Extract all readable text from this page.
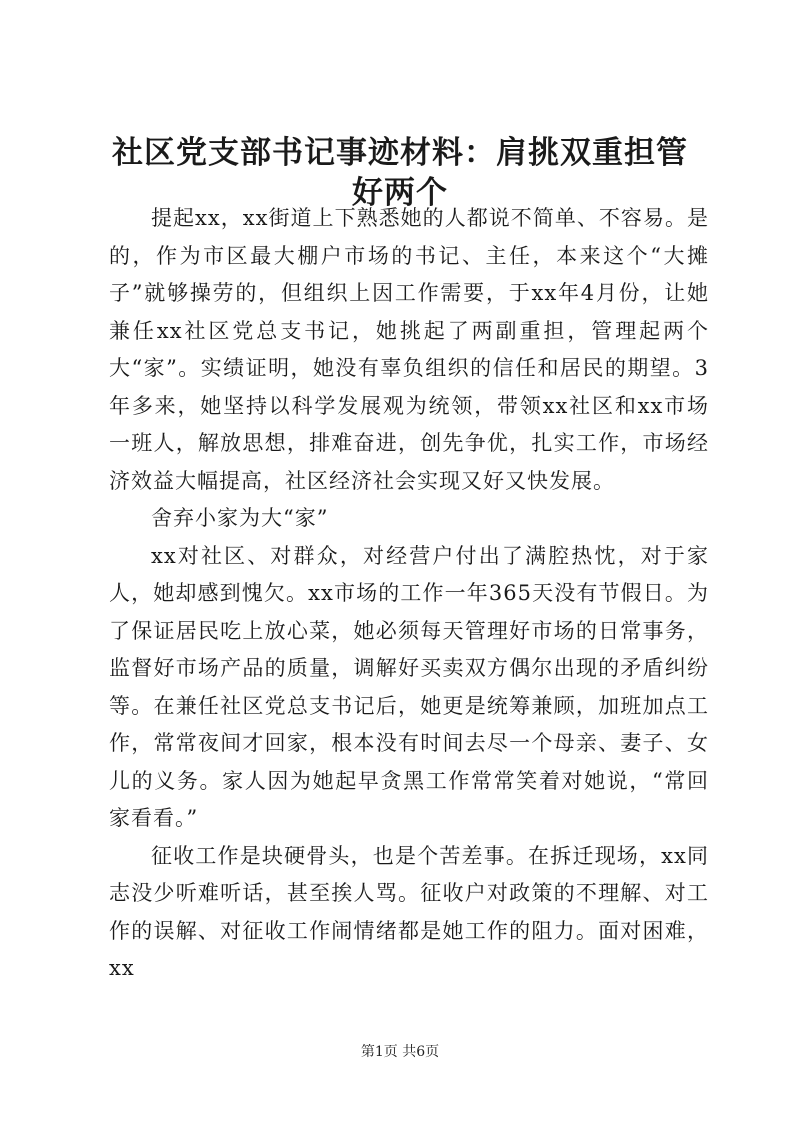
社区党支部书记事迹材料：肩挑双重担管好两个

提起xx，xx街道上下熟悉她的人都说不简单、不容易。是的，作为市区最大棚户市场的书记、主任，本来这个“大摊子”就够操劳的，但组织上因工作需要，于xx年4月份，让她兼任xx社区党总支书记，她挑起了两副重担，管理起两个大“家”。实绩证明，她没有辜负组织的信任和居民的期望。3年多来，她坚持以科学发展观为统领，带领xx社区和xx市场一班人，解放思想，排难奋进，创先争优，扎实工作，市场经济效益大幅提高，社区经济社会实现又好又快发展。

舍弃小家为大“家”

xx对社区、对群众，对经营户付出了满腔热忱，对于家人，她却感到愧欠。xx市场的工作一年365天没有节假日。为了保证居民吃上放心菜，她必须每天管理好市场的日常事务，监督好市场产品的质量，调解好买卖双方偶尔出现的矛盾纠纷等。在兼任社区党总支书记后，她更是统筹兼顾，加班加点工作，常常夜间才回家，根本没有时间去尽一个母亲、妻子、女儿的义务。家人因为她起早贪黑工作常常笑着对她说，“常回家看看。”

征收工作是块硬骨头，也是个苦差事。在拆迁现场，xx同志没少听难听话，甚至挨人骂。征收户对政策的不理解、对工作的误解、对征收工作闹情绪都是她工作的阻力。面对困难，xx

第1页 共6页
